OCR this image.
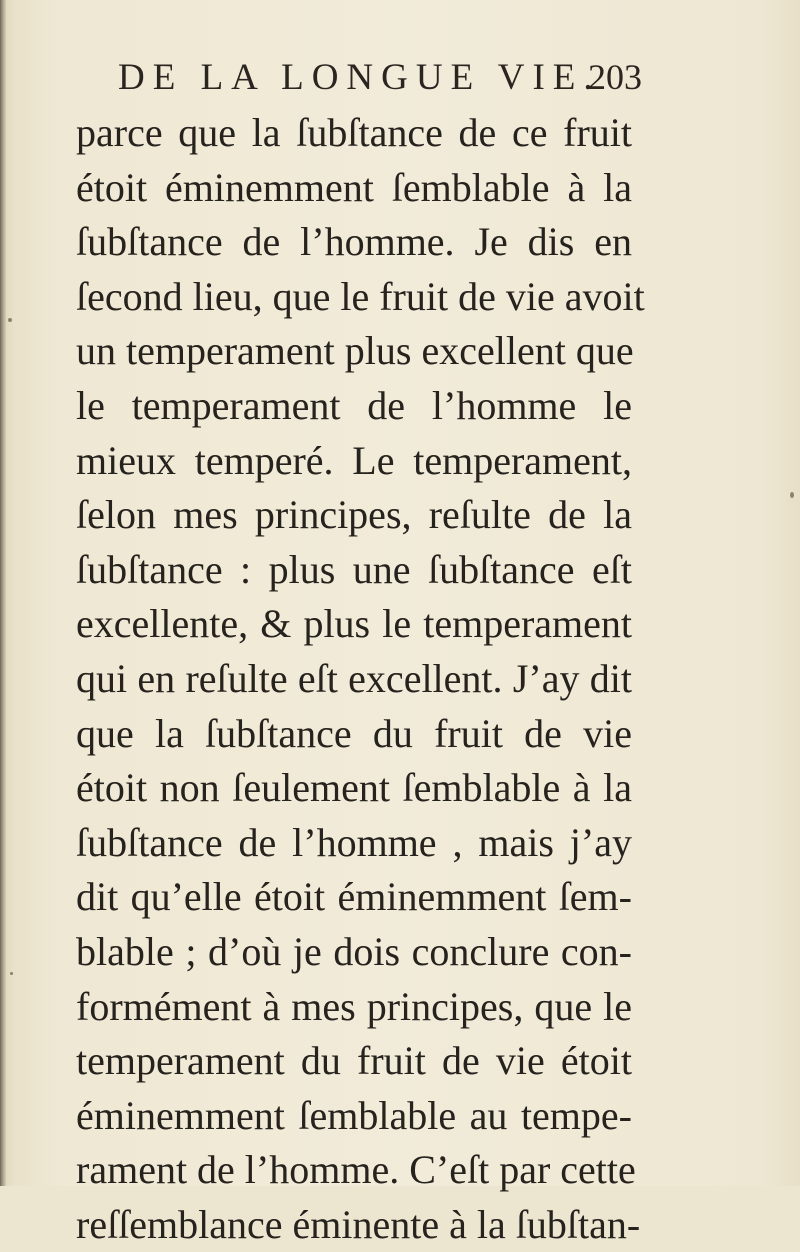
DE LA LONGUE VIE.
203
parce que la ſubſtance de ce fruit
étoit éminemment ſemblable à la
ſubſtance de l’homme. Je dis en
ſecond lieu, que le fruit de vie avoit
un temperament plus excellent que
le temperament de l’homme le
mieux temperé. Le temperament,
ſelon mes principes, reſulte de la
ſubſtance : plus une ſubſtance eſt
excellente, & plus le temperament
qui en reſulte eſt excellent. J’ay dit
que la ſubſtance du fruit de vie
étoit non ſeulement ſemblable à la
ſubſtance de l’homme , mais j’ay
dit qu’elle étoit éminemment ſem-
blable ; d’où je dois conclure con-
formément à mes principes, que le
temperament du fruit de vie étoit
éminemment ſemblable au tempe-
rament de l’homme. C’eſt par cette
reſſemblance éminente à la ſubſtan-
